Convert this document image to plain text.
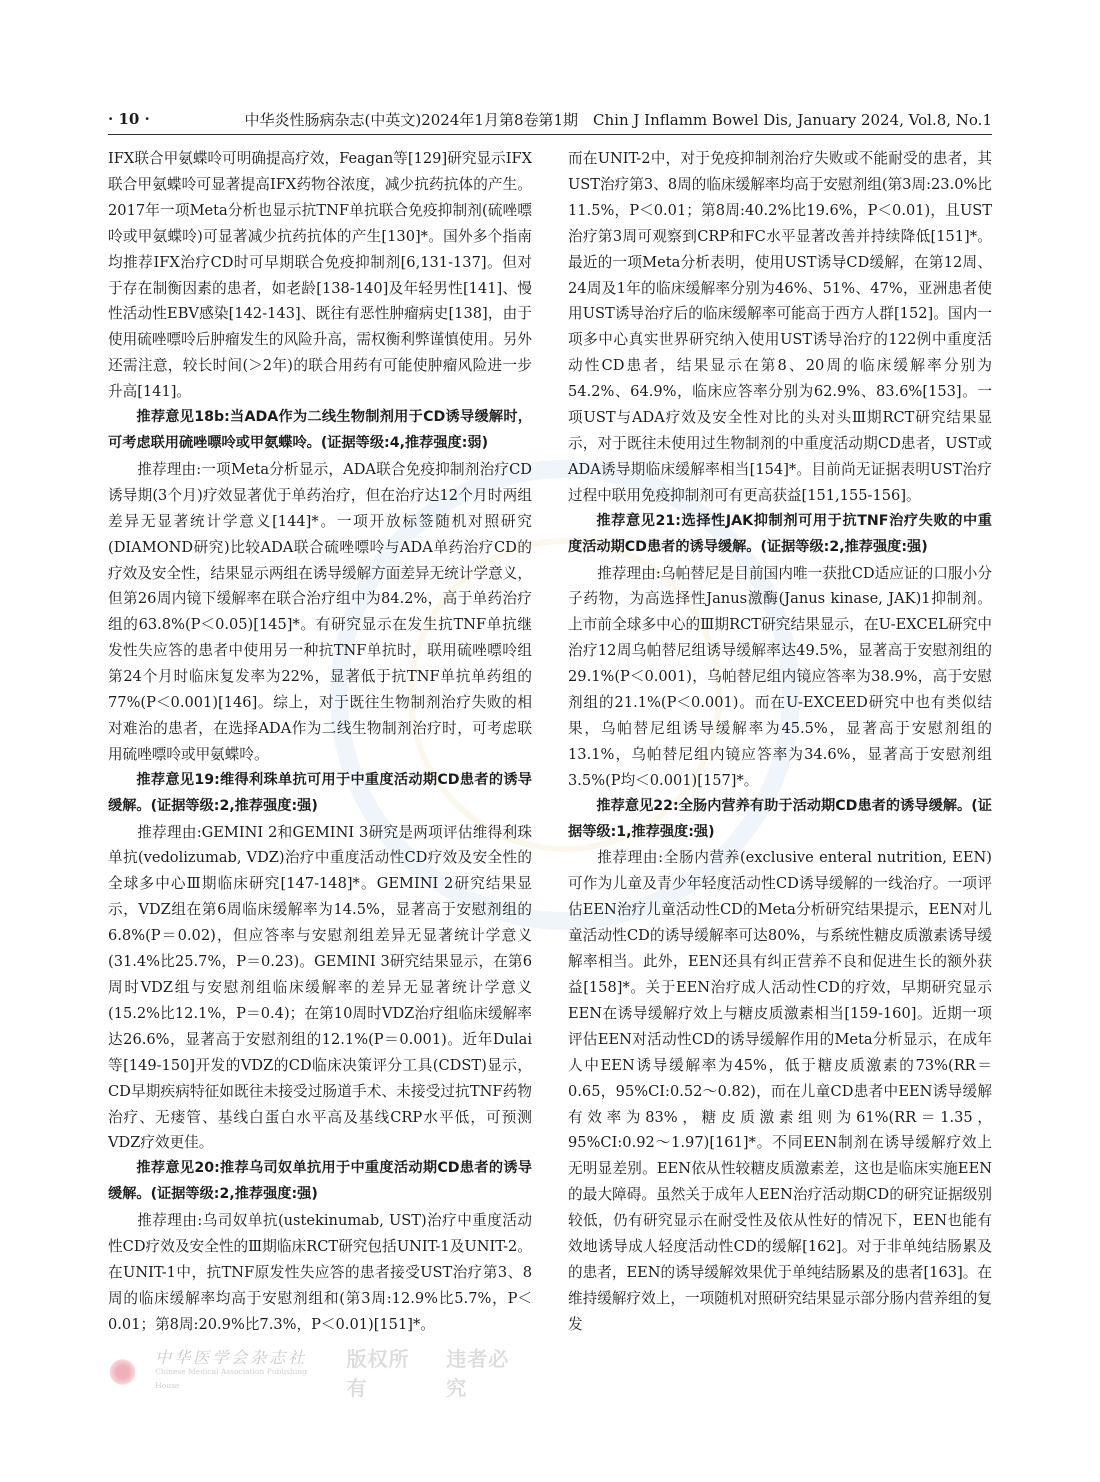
· 10 ·	中华炎性肠病杂志(中英文)2024年1月第8卷第1期　Chin J Inflamm Bowel Dis, January 2024, Vol.8, No.1

IFX联合甲氨蝶呤可明确提高疗效，Feagan等[129]研究显示IFX联合甲氨蝶呤可显著提高IFX药物谷浓度，减少抗药抗体的产生。2017年一项Meta分析也显示抗TNF单抗联合免疫抑制剂(硫唑嘌呤或甲氨蝶呤)可显著减少抗药抗体的产生[130]*。国外多个指南均推荐IFX治疗CD时可早期联合免疫抑制剂[6,131-137]。但对于存在制衡因素的患者，如老龄[138-140]及年轻男性[141]、慢性活动性EBV感染[142-143]、既往有恶性肿瘤病史[138]，由于使用硫唑嘌呤后肿瘤发生的风险升高，需权衡利弊谨慎使用。另外还需注意，较长时间(＞2年)的联合用药有可能使肿瘤风险进一步升高[141]。

推荐意见18b:当ADA作为二线生物制剂用于CD诱导缓解时，可考虑联用硫唑嘌呤或甲氨蝶呤。(证据等级:4,推荐强度:弱)

推荐理由:一项Meta分析显示，ADA联合免疫抑制剂治疗CD诱导期(3个月)疗效显著优于单药治疗，但在治疗达12个月时两组差异无显著统计学意义[144]*。一项开放标签随机对照研究(DIAMOND研究)比较ADA联合硫唑嘌呤与ADA单药治疗CD的疗效及安全性，结果显示两组在诱导缓解方面差异无统计学意义，但第26周内镜下缓解率在联合治疗组中为84.2%，高于单药治疗组的63.8%(P＜0.05)[145]*。有研究显示在发生抗TNF单抗继发性失应答的患者中使用另一种抗TNF单抗时，联用硫唑嘌呤组第24个月时临床复发率为22%，显著低于抗TNF单抗单药组的77%(P＜0.001)[146]。综上，对于既往生物制剂治疗失败的相对难治的患者，在选择ADA作为二线生物制剂治疗时，可考虑联用硫唑嘌呤或甲氨蝶呤。

推荐意见19:维得利珠单抗可用于中重度活动期CD患者的诱导缓解。(证据等级:2,推荐强度:强)

推荐理由:GEMINI 2和GEMINI 3研究是两项评估维得利珠单抗(vedolizumab, VDZ)治疗中重度活动性CD疗效及安全性的全球多中心Ⅲ期临床研究[147-148]*。GEMINI 2研究结果显示，VDZ组在第6周临床缓解率为14.5%，显著高于安慰剂组的6.8%(P＝0.02)，但应答率与安慰剂组差异无显著统计学意义(31.4%比25.7%，P＝0.23)。GEMINI 3研究结果显示，在第6周时VDZ组与安慰剂组临床缓解率的差异无显著统计学意义(15.2%比12.1%，P＝0.4)；在第10周时VDZ治疗组临床缓解率达26.6%，显著高于安慰剂组的12.1%(P＝0.001)。近年Dulai等[149-150]开发的VDZ的CD临床决策评分工具(CDST)显示，CD早期疾病特征如既往未接受过肠道手术、未接受过抗TNF药物治疗、无瘘管、基线白蛋白水平高及基线CRP水平低，可预测VDZ疗效更佳。

推荐意见20:推荐乌司奴单抗用于中重度活动期CD患者的诱导缓解。(证据等级:2,推荐强度:强)

推荐理由:乌司奴单抗(ustekinumab, UST)治疗中重度活动性CD疗效及安全性的Ⅲ期临床RCT研究包括UNIT-1及UNIT-2。在UNIT-1中，抗TNF原发性失应答的患者接受UST治疗第3、8周的临床缓解率均高于安慰剂组和(第3周:12.9%比5.7%，P＜0.01；第8周:20.9%比7.3%，P＜0.01)[151]*。

而在UNIT-2中，对于免疫抑制剂治疗失败或不能耐受的患者，其UST治疗第3、8周的临床缓解率均高于安慰剂组(第3周:23.0%比11.5%，P＜0.01；第8周:40.2%比19.6%，P＜0.01)，且UST治疗第3周可观察到CRP和FC水平显著改善并持续降低[151]*。最近的一项Meta分析表明，使用UST诱导CD缓解，在第12周、24周及1年的临床缓解率分别为46%、51%、47%，亚洲患者使用UST诱导治疗后的临床缓解率可能高于西方人群[152]。国内一项多中心真实世界研究纳入使用UST诱导治疗的122例中重度活动性CD患者，结果显示在第8、20周的临床缓解率分别为54.2%、64.9%，临床应答率分别为62.9%、83.6%[153]。一项UST与ADA疗效及安全性对比的头对头Ⅲ期RCT研究结果显示，对于既往未使用过生物制剂的中重度活动期CD患者，UST或ADA诱导期临床缓解率相当[154]*。目前尚无证据表明UST治疗过程中联用免疫抑制剂可有更高获益[151,155-156]。

推荐意见21:选择性JAK抑制剂可用于抗TNF治疗失败的中重度活动期CD患者的诱导缓解。(证据等级:2,推荐强度:强)

推荐理由:乌帕替尼是目前国内唯一获批CD适应证的口服小分子药物，为高选择性Janus激酶(Janus kinase, JAK)1抑制剂。上市前全球多中心的Ⅲ期RCT研究结果显示，在U-EXCEL研究中治疗12周乌帕替尼组诱导缓解率达49.5%，显著高于安慰剂组的29.1%(P＜0.001)，乌帕替尼组内镜应答率为38.9%，高于安慰剂组的21.1%(P＜0.001)。而在U-EXCEED研究中也有类似结果，乌帕替尼组诱导缓解率为45.5%，显著高于安慰剂组的13.1%，乌帕替尼组内镜应答率为34.6%，显著高于安慰剂组3.5%(P均＜0.001)[157]*。

推荐意见22:全肠内营养有助于活动期CD患者的诱导缓解。(证据等级:1,推荐强度:强)

推荐理由:全肠内营养(exclusive enteral nutrition, EEN)可作为儿童及青少年轻度活动性CD诱导缓解的一线治疗。一项评估EEN治疗儿童活动性CD的Meta分析研究结果提示，EEN对儿童活动性CD的诱导缓解率可达80%，与系统性糖皮质激素诱导缓解率相当。此外，EEN还具有纠正营养不良和促进生长的额外获益[158]*。关于EEN治疗成人活动性CD的疗效，早期研究显示EEN在诱导缓解疗效上与糖皮质激素相当[159-160]。近期一项评估EEN对活动性CD的诱导缓解作用的Meta分析显示，在成年人中EEN诱导缓解率为45%，低于糖皮质激素的73%(RR＝0.65，95%CI:0.52～0.82)，而在儿童CD患者中EEN诱导缓解有效率为83%，糖皮质激素组则为61%(RR＝1.35，95%CI:0.92～1.97)[161]*。不同EEN制剂在诱导缓解疗效上无明显差别。EEN依从性较糖皮质激素差，这也是临床实施EEN的最大障碍。虽然关于成年人EEN治疗活动期CD的研究证据级别较低，仍有研究显示在耐受性及依从性好的情况下，EEN也能有效地诱导成人轻度活动性CD的缓解[162]。对于非单纯结肠累及的患者，EEN的诱导缓解效果优于单纯结肠累及的患者[163]。在维持缓解疗效上，一项随机对照研究结果显示部分肠内营养组的复发

中华医学会杂志社
Chinese Medical Association Publishing House
版权所有
违者必究
